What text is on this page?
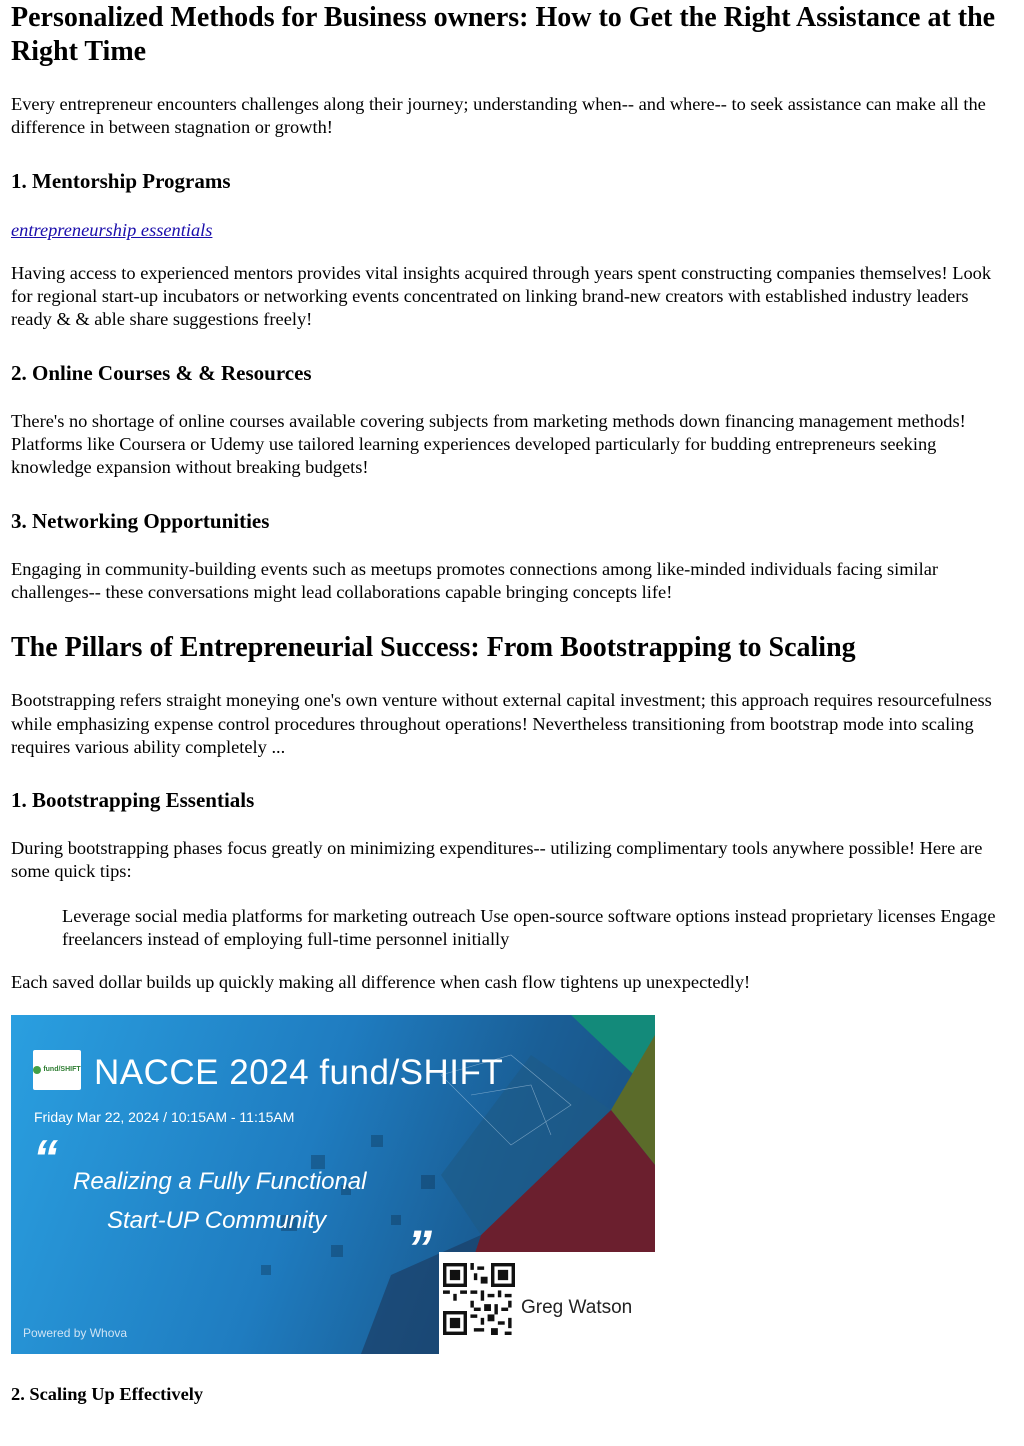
Personalized Methods for Business owners: How to Get the Right Assistance at the Right Time

Every entrepreneur encounters challenges along their journey; understanding when-- and where-- to seek assistance can make all the difference in between stagnation or growth!

1. Mentorship Programs

entrepreneurship essentials

Having access to experienced mentors provides vital insights acquired through years spent constructing companies themselves! Look for regional start-up incubators or networking events concentrated on linking brand-new creators with established industry leaders ready & & able share suggestions freely!

2. Online Courses & & Resources

There's no shortage of online courses available covering subjects from marketing methods down financing management methods! Platforms like Coursera or Udemy use tailored learning experiences developed particularly for budding entrepreneurs seeking knowledge expansion without breaking budgets!

3. Networking Opportunities

Engaging in community-building events such as meetups promotes connections among like-minded individuals facing similar challenges-- these conversations might lead collaborations capable bringing concepts life!

The Pillars of Entrepreneurial Success: From Bootstrapping to Scaling

Bootstrapping refers straight moneying one's own venture without external capital investment; this approach requires resourcefulness while emphasizing expense control procedures throughout operations! Nevertheless transitioning from bootstrap mode into scaling requires various ability completely ...

1. Bootstrapping Essentials

During bootstrapping phases focus greatly on minimizing expenditures-- utilizing complimentary tools anywhere possible! Here are some quick tips:

Leverage social media platforms for marketing outreach Use open-source software options instead proprietary licenses Engage freelancers instead of employing full-time personnel initially

Each saved dollar builds up quickly making all difference when cash flow tightens up unexpectedly!

fund/SHIFT NACCE 2024 fund/SHIFT
Friday Mar 22, 2024 / 10:15AM - 11:15AM
“ Realizing a Fully Functional
Start-UP Community ”
Greg Watson
Powered by Whova
2. Scaling Up Effectively
